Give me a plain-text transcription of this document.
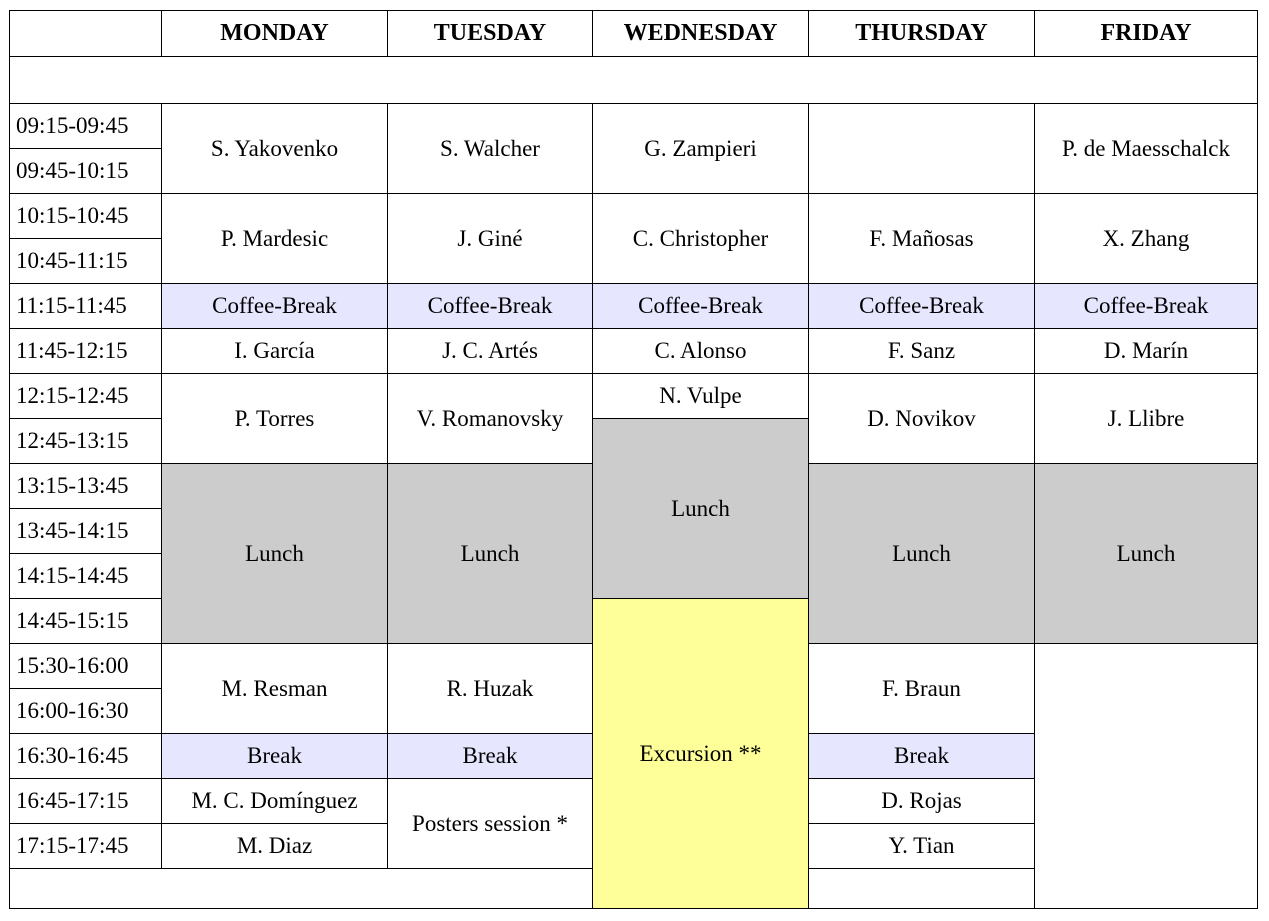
	MONDAY	TUESDAY	WEDNESDAY	THURSDAY	FRIDAY

09:15-09:45	S. Yakovenko	S. Walcher	G. Zampieri		P. de Maesschalck
09:45-10:15					
10:15-10:45	P. Mardesic	J. Giné	C. Christopher	F. Mañosas	X. Zhang
10:45-11:15					
11:15-11:45	Coffee-Break	Coffee-Break	Coffee-Break	Coffee-Break	Coffee-Break
11:45-12:15	I. García	J. C. Artés	C. Alonso	F. Sanz	D. Marín
12:15-12:45	P. Torres	V. Romanovsky	N. Vulpe	D. Novikov	J. Llibre
12:45-13:15			Lunch		
13:15-13:45	Lunch	Lunch		Lunch	Lunch
13:45-14:15					
14:15-14:45					
14:45-15:15			Excursion **		
15:30-16:00	M. Resman	R. Huzak		F. Braun	
16:00-16:30					
16:30-16:45	Break	Break		Break	
16:45-17:15	M. C. Domínguez	Posters session *		D. Rojas	
17:15-17:45	M. Diaz			Y. Tian	
